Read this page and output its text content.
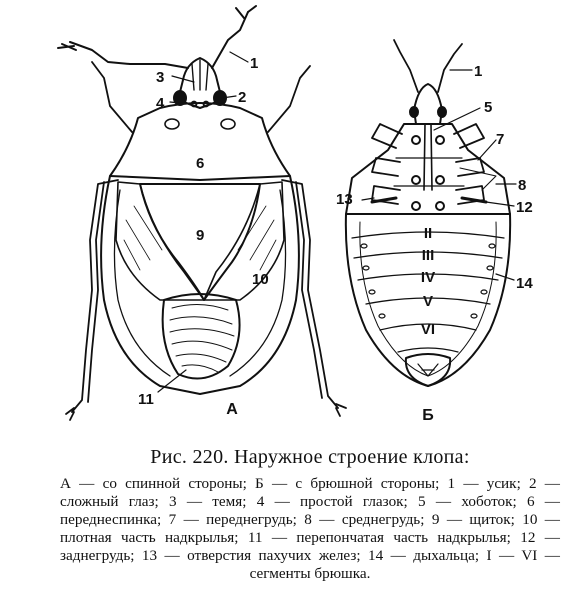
1
2
3
4
6
9
10
11
1
5
7
8
12
13
14
II
III
IV
V
VI
А	Б

Рис. 220. Наружное строение клопа:

А — со спинной стороны; Б — с брюшной стороны; 1 — усик; 2 — сложный глаз; 3 — темя; 4 — простой глазок; 5 — хоботок; 6 — переднеспинка; 7 — переднегрудь; 8 — среднегрудь; 9 — щиток; 10 — плотная часть надкрылья; 11 — перепончатая часть надкрылья; 12 — заднегрудь; 13 — отверстия пахучих желез; 14 — дыхальца; I — VI —сегменты брюшка.
